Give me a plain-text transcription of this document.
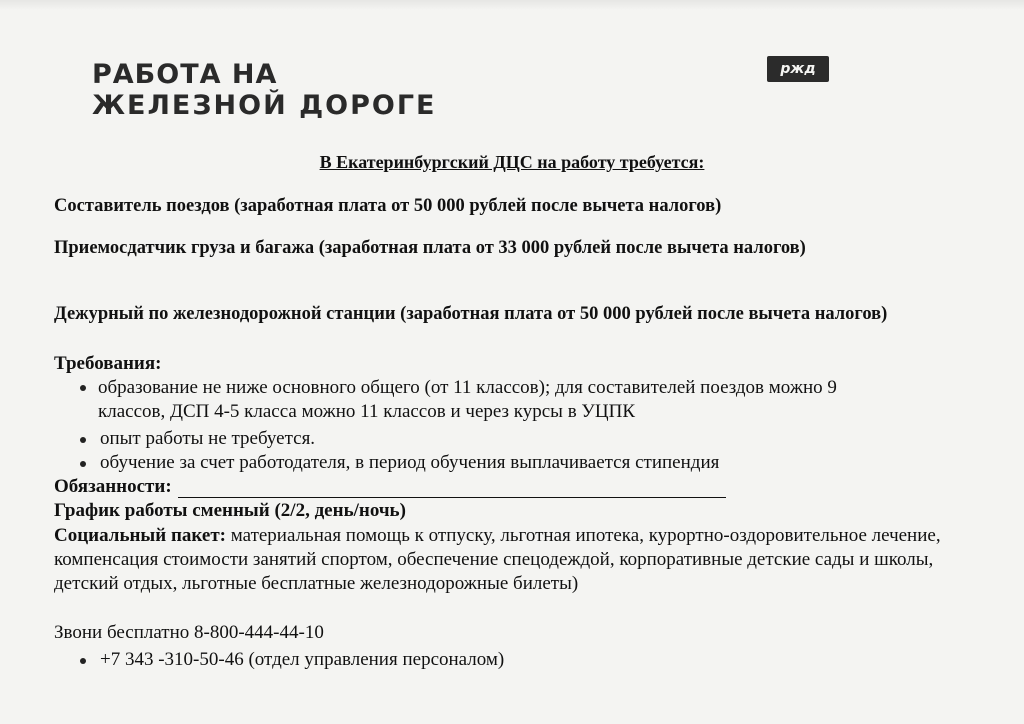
РАБОТА НА
ЖЕЛЕЗНОЙ ДОРОГЕ
ржд
В Екатеринбургский ДЦС на работу требуется:
Составитель поездов (заработная плата от 50 000 рублей после вычета налогов)
Приемосдатчик груза и багажа (заработная плата от 33 000 рублей после вычета налогов)
Дежурный по железнодорожной станции (заработная плата от 50 000 рублей после вычета налогов)
Требования:
образование не ниже основного общего (от 11 классов); для составителей поездов можно 9 классов, ДСП 4-5 класса можно 11 классов и через курсы в УЦПК
опыт работы не требуется.
обучение за счет работодателя, в период обучения выплачивается стипендия
Обязанности:
График работы сменный (2/2, день/ночь)
Социальный пакет: материальная помощь к отпуску, льготная ипотека, курортно-оздоровительное лечение, компенсация стоимости занятий спортом, обеспечение спецодеждой, корпоративные детские сады и школы, детский отдых, льготные бесплатные железнодорожные билеты)
Звони бесплатно 8-800-444-44-10
+7 343 -310-50-46 (отдел управления персоналом)
